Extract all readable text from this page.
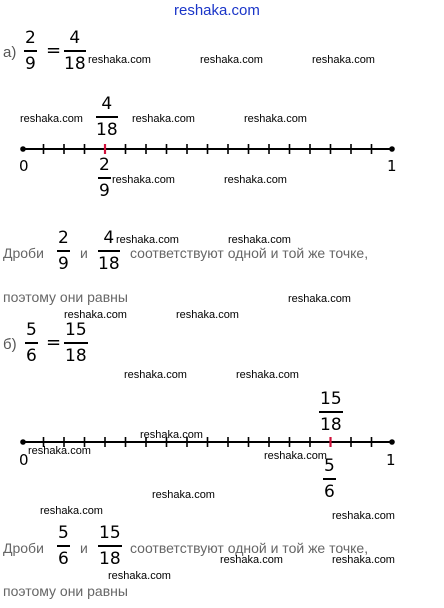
reshaka.com
а)
2
9
=
4
18 reshaka.com	reshaka.com	reshaka.com
reshaka.com	reshaka.com	reshaka.com
reshaka.com	reshaka.com
4
18
0	1
2
9
Дроби
2
9
и
4
18
соответствуют одной и той же точке,
поэтому они равны
reshaka.com	reshaka.com
reshaka.com
reshaka.com	reshaka.com
б)
5
6
=
15
18
reshaka.com	reshaka.com
15
18
0	1
5
6
reshaka.com
reshaka.com	reshaka.com
reshaka.com
reshaka.com	reshaka.com
Дроби
5
6
и
15
18
соответствуют одной и той же точке,
поэтому они равны
reshaka.com	reshaka.com
reshaka.com
